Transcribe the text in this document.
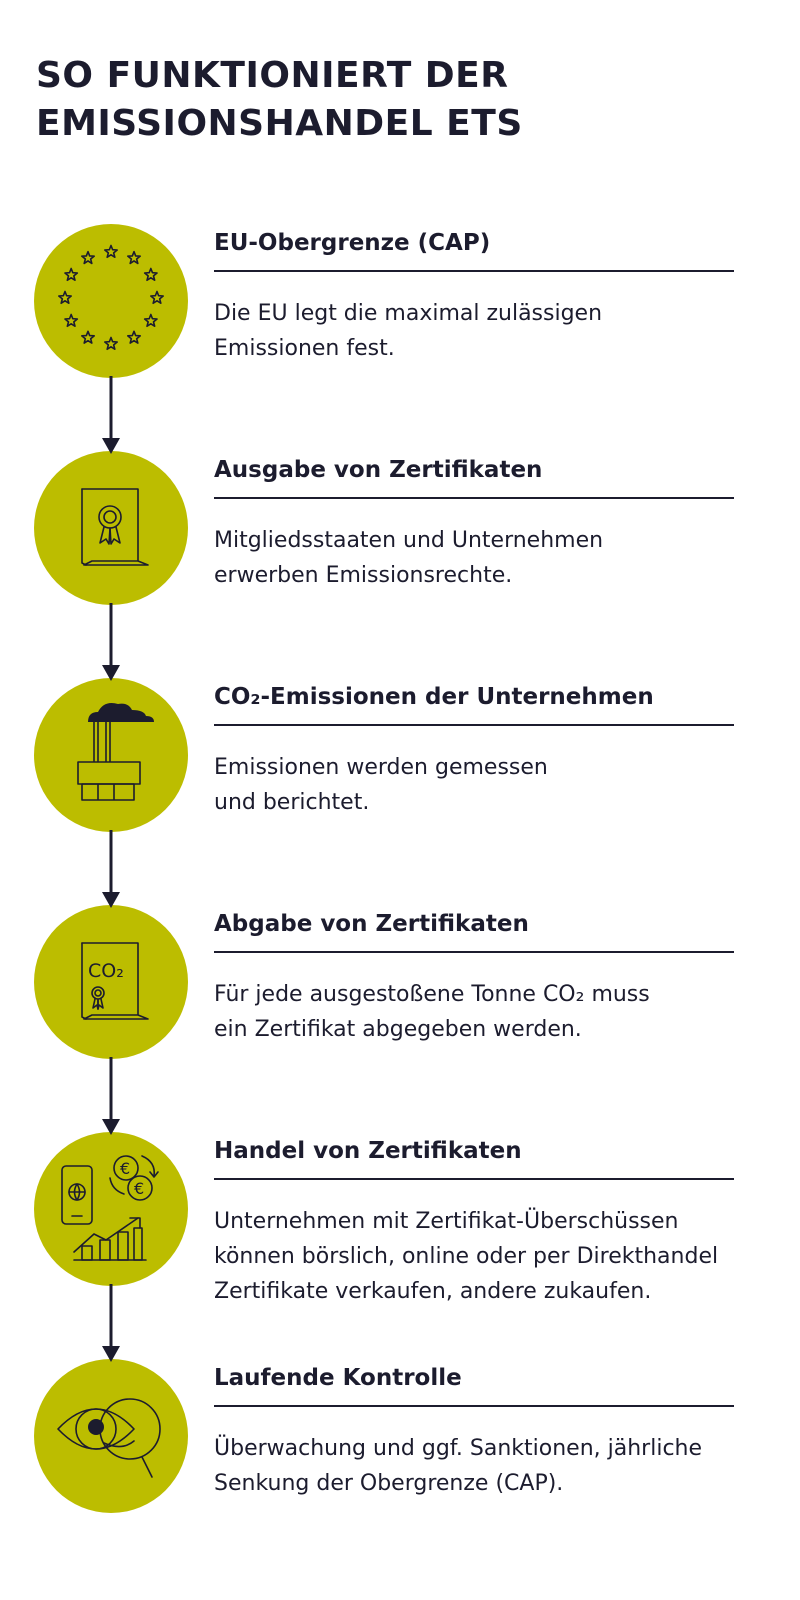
SO FUNKTIONIERT DER
EMISSIONSHANDEL ETS
EU-Obergrenze (CAP)
Die EU legt die maximal zulässigen
Emissionen fest.
Ausgabe von Zertifikaten
Mitgliedsstaaten und Unternehmen
erwerben Emissionsrechte.
CO₂-Emissionen der Unternehmen
Emissionen werden gemessen
und berichtet.
CO₂
Abgabe von Zertifikaten
Für jede ausgestoßene Tonne CO₂ muss
ein Zertifikat abgegeben werden.
€
€
Handel von Zertifikaten
Unternehmen mit Zertifikat-Überschüssen
können börslich, online oder per Direkthandel
Zertifikate verkaufen, andere zukaufen.
Laufende Kontrolle
Überwachung und ggf. Sanktionen, jährliche
Senkung der Obergrenze (CAP).
